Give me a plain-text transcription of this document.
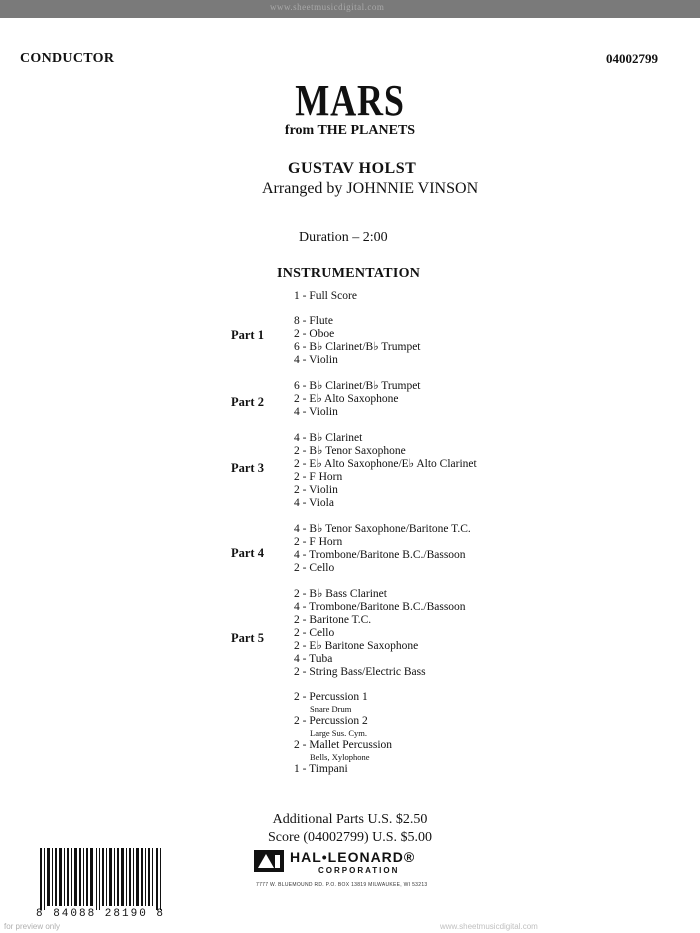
www.sheetmusicdigital.com
CONDUCTOR	04002799
MARS
from THE PLANETS
GUSTAV HOLST
Arranged by JOHNNIE VINSON
Duration – 2:00
INSTRUMENTATION
1 - Full Score
Part 1
8 - Flute
2 - Oboe
6 - B♭ Clarinet/B♭ Trumpet
4 - Violin
Part 2
6 - B♭ Clarinet/B♭ Trumpet
2 - E♭ Alto Saxophone
4 - Violin
Part 3
4 - B♭ Clarinet
2 - B♭ Tenor Saxophone
2 - E♭ Alto Saxophone/E♭ Alto Clarinet
2 - F Horn
2 - Violin
4 - Viola
Part 4
4 - B♭ Tenor Saxophone/Baritone T.C.
2 - F Horn
4 - Trombone/Baritone B.C./Bassoon
2 - Cello
Part 5
2 - B♭ Bass Clarinet
4 - Trombone/Baritone B.C./Bassoon
2 - Baritone T.C.
2 - Cello
2 - E♭ Baritone Saxophone
4 - Tuba
2 - String Bass/Electric Bass
2 - Percussion 1
Snare Drum
2 - Percussion 2
Large Sus. Cym.
2 - Mallet Percussion
Bells, Xylophone
1 - Timpani
Additional Parts U.S. $2.50
Score (04002799) U.S. $5.00
8 84088 28190 8
HAL•LEONARD®
CORPORATION
7777 W. BLUEMOUND RD. P.O. BOX 13819 MILWAUKEE, WI 53213
for preview only	www.sheetmusicdigital.com
